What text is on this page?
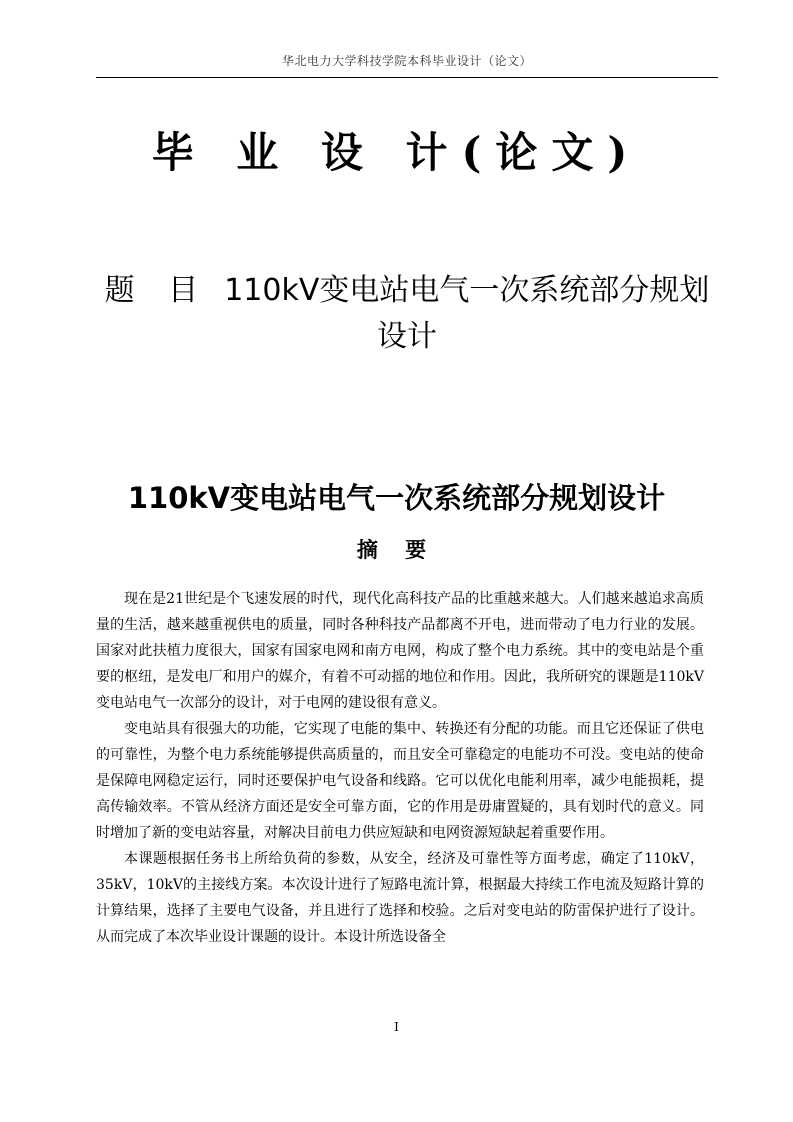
华北电力大学科技学院本科毕业设计（论文）
毕 业 设 计(论文)
题 目 110kV变电站电气一次系统部分规划设计
110kV变电站电气一次系统部分规划设计
摘 要

现在是21世纪是个飞速发展的时代，现代化高科技产品的比重越来越大。人们越来越追求高质量的生活，越来越重视供电的质量，同时各种科技产品都离不开电，进而带动了电力行业的发展。国家对此扶植力度很大，国家有国家电网和南方电网，构成了整个电力系统。其中的变电站是个重要的枢纽，是发电厂和用户的媒介，有着不可动摇的地位和作用。因此，我所研究的课题是110kV变电站电气一次部分的设计，对于电网的建设很有意义。

变电站具有很强大的功能，它实现了电能的集中、转换还有分配的功能。而且它还保证了供电的可靠性，为整个电力系统能够提供高质量的，而且安全可靠稳定的电能功不可没。变电站的使命是保障电网稳定运行，同时还要保护电气设备和线路。它可以优化电能利用率，减少电能损耗，提高传输效率。不管从经济方面还是安全可靠方面，它的作用是毋庸置疑的，具有划时代的意义。同时增加了新的变电站容量，对解决目前电力供应短缺和电网资源短缺起着重要作用。

本课题根据任务书上所给负荷的参数，从安全，经济及可靠性等方面考虑，确定了110kV，35kV，10kV的主接线方案。本次设计进行了短路电流计算，根据最大持续工作电流及短路计算的计算结果，选择了主要电气设备，并且进行了选择和校验。之后对变电站的防雷保护进行了设计。从而完成了本次毕业设计课题的设计。本设计所选设备全

I
